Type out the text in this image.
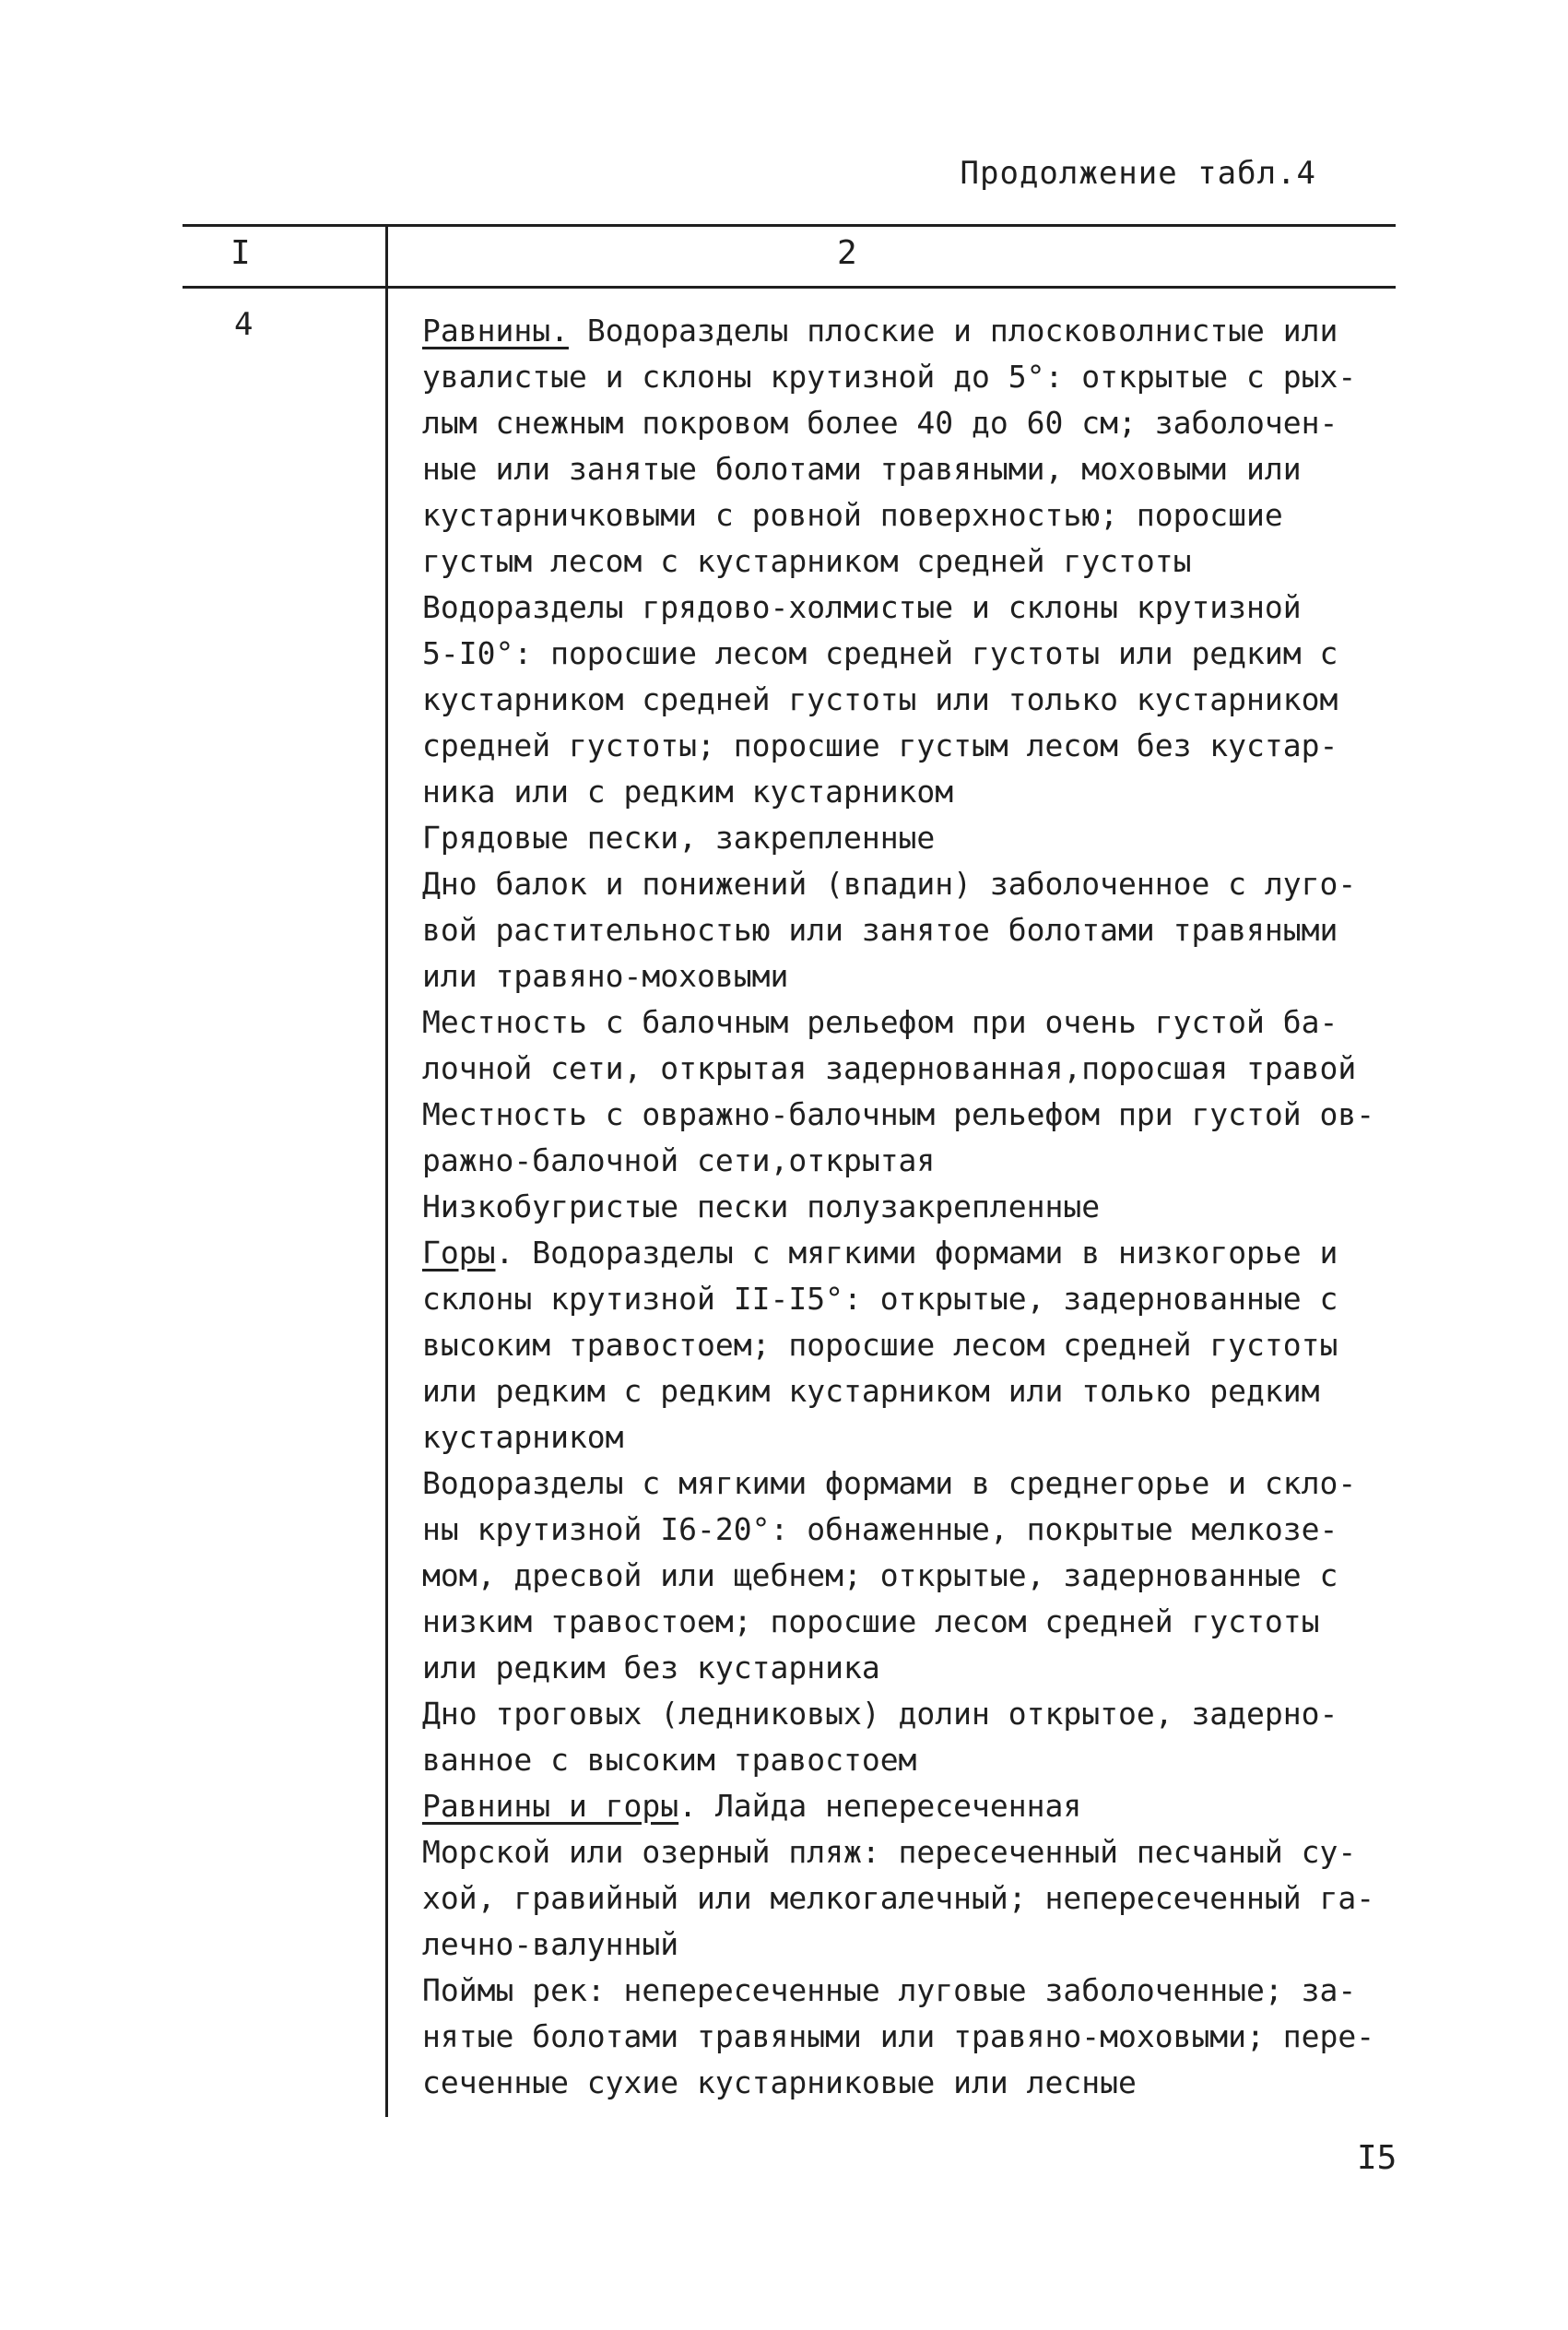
Продолжение табл.4
I	2
4	Равнины. Водоразделы плоские и плосковолнистые или
увалистые и склоны крутизной до 5°: открытые с рых-
лым снежным покровом более 40 до 60 см; заболочен-
ные или занятые болотами травяными, моховыми или
кустарничковыми с ровной поверхностью; поросшие
густым лесом с кустарником средней густоты
Водоразделы грядово-холмистые и склоны крутизной
5-I0°: поросшие лесом средней густоты или редким с
кустарником средней густоты или только кустарником
средней густоты; поросшие густым лесом без кустар-
ника или с редким кустарником
Грядовые пески, закрепленные
Дно балок и понижений (впадин) заболоченное с луго-
вой растительностью или занятое болотами травяными
или травяно-моховыми
Местность с балочным рельефом при очень густой ба-
лочной сети, открытая задернованная,поросшая травой
Местность с овражно-балочным рельефом при густой ов-
ражно-балочной сети,открытая
Низкобугристые пески полузакрепленные
Горы. Водоразделы с мягкими формами в низкогорье и
склоны крутизной II-I5°: открытые, задернованные с
высоким травостоем; поросшие лесом средней густоты
или редким с редким кустарником или только редким
кустарником
Водоразделы с мягкими формами в среднегорье и скло-
ны крутизной I6-20°: обнаженные, покрытые мелкозе-
мом, дресвой или щебнем; открытые, задернованные с
низким травостоем; поросшие лесом средней густоты
или редким без кустарника
Дно троговых (ледниковых) долин открытое, задерно-
ванное с высоким травостоем
Равнины и горы. Лайда непересеченная
Морской или озерный пляж: пересеченный песчаный су-
хой, гравийный или мелкогалечный; непересеченный га-
лечно-валунный
Поймы рек: непересеченные луговые заболоченные; за-
нятые болотами травяными или травяно-моховыми; пере-
сеченные сухие кустарниковые или лесные
I5
